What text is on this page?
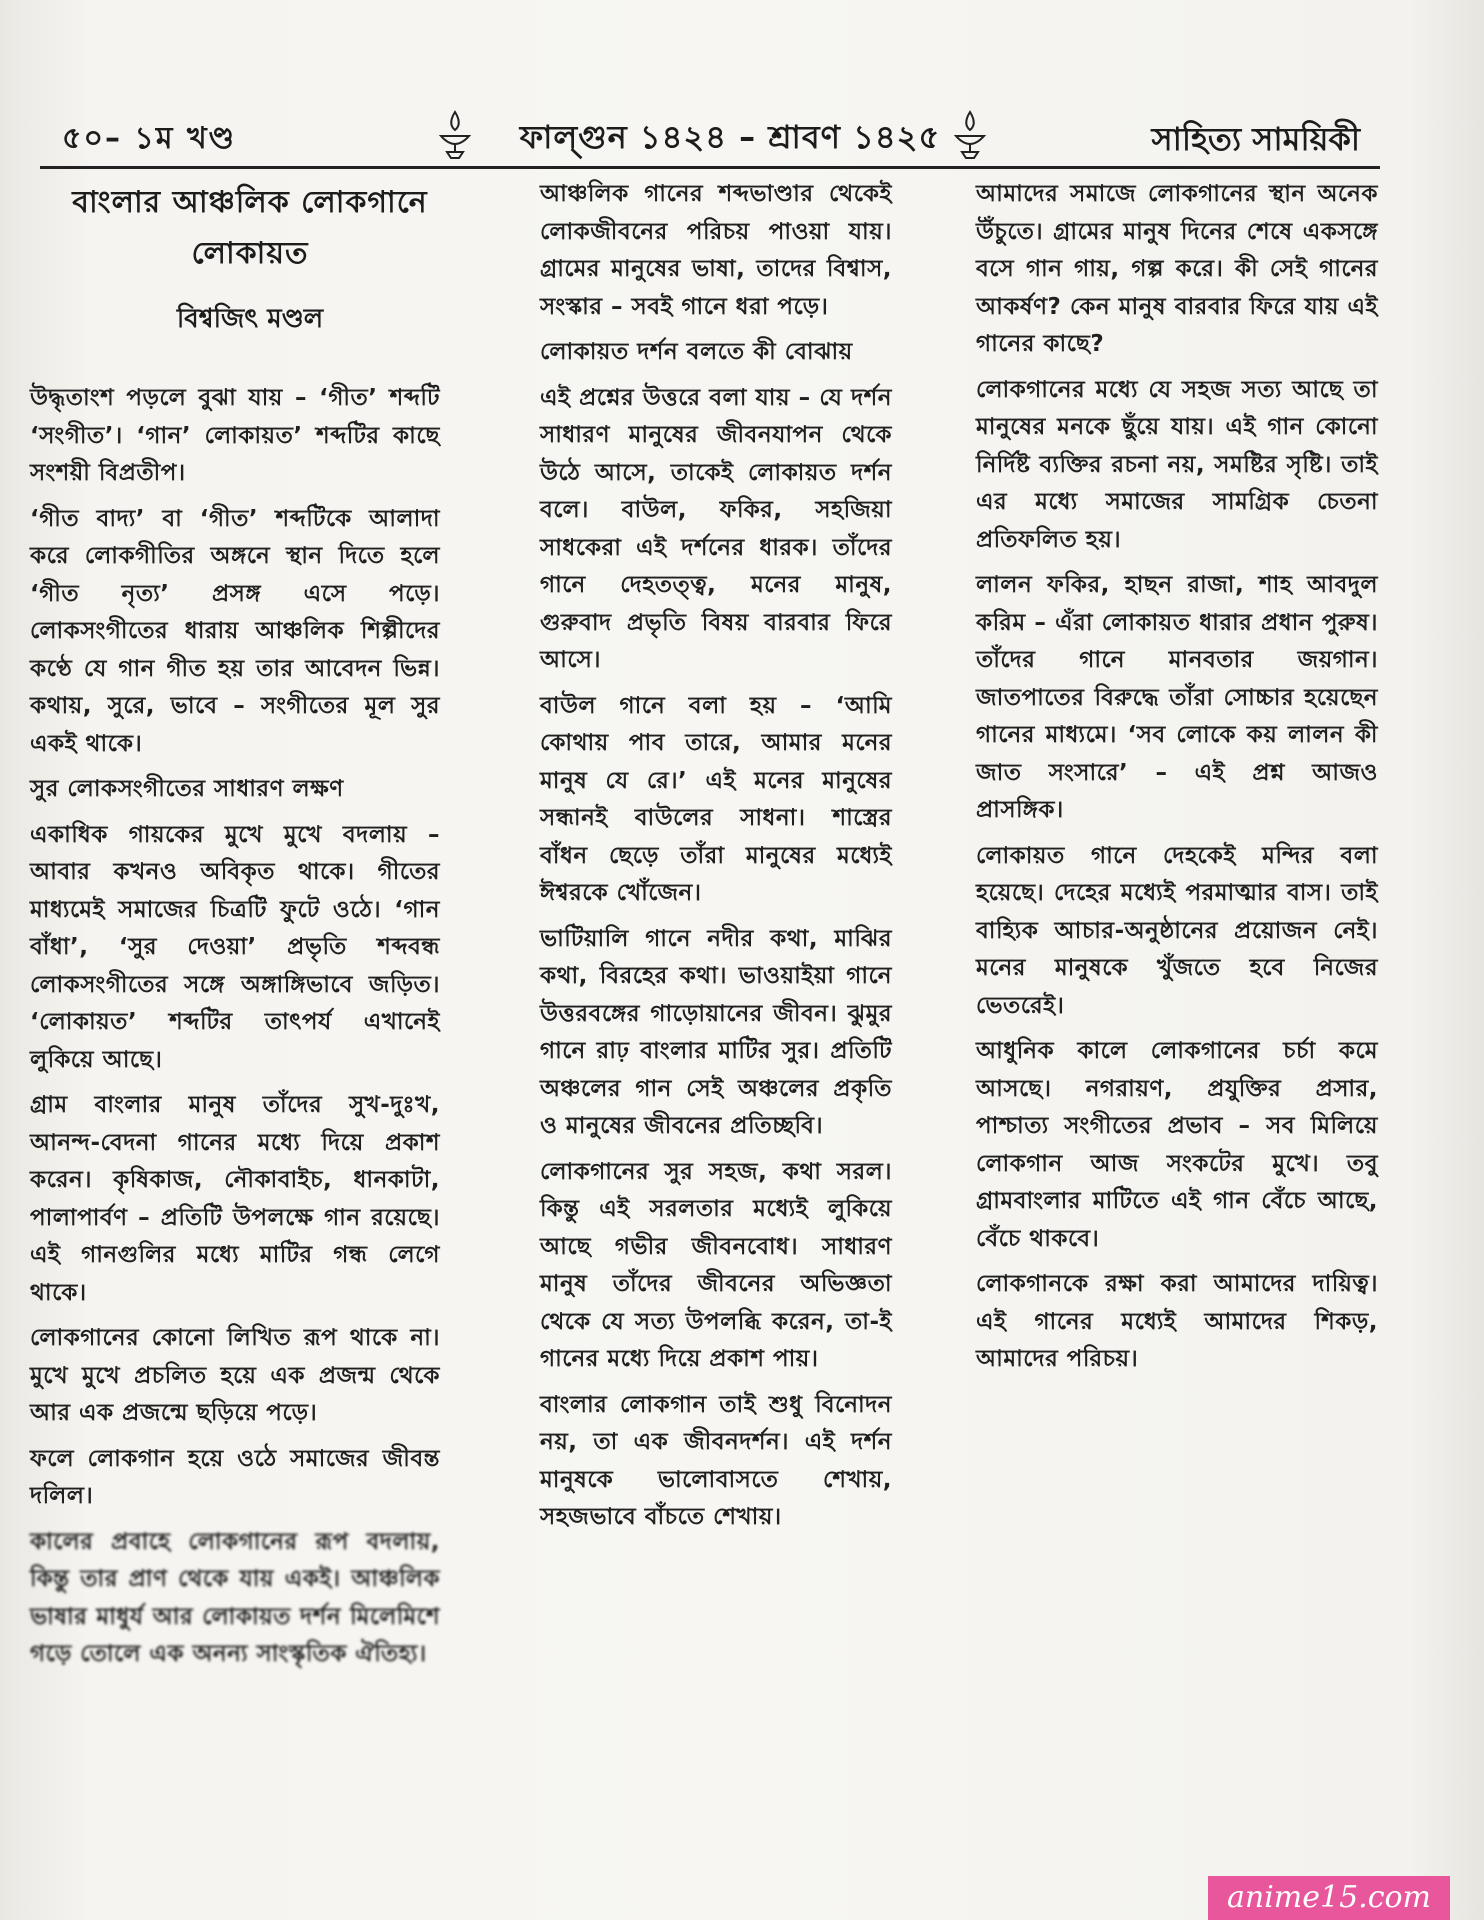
৫০– ১ম খণ্ড	ফাল্গুন ১৪২৪ – শ্রাবণ ১৪২৫	সাহিত্য সাময়িকী
বাংলার আঞ্চলিক লোকগানে লোকায়ত
বিশ্বজিৎ মণ্ডল

উদ্ধৃতাংশ পড়লে বুঝা যায় – ‘গীত’ শব্দটি ‘সংগীত’। ‘গান’ লোকায়ত’ শব্দটির কাছে সংশয়ী বিপ্রতীপ।

‘গীত বাদ্য’ বা ‘গীত’ শব্দটিকে আলাদা করে লোকগীতির অঙ্গনে স্থান দিতে হলে ‘গীত নৃত্য’ প্রসঙ্গ এসে পড়ে। লোকসংগীতের ধারায় আঞ্চলিক শিল্পীদের কণ্ঠে যে গান গীত হয় তার আবেদন ভিন্ন। কথায়, সুরে, ভাবে – সংগীতের মূল সুর একই থাকে।

সুর লোকসংগীতের সাধারণ লক্ষণ

একাধিক গায়কের মুখে মুখে বদলায় – আবার কখনও অবিকৃত থাকে। গীতের মাধ্যমেই সমাজের চিত্রটি ফুটে ওঠে। ‘গান বাঁধা’, ‘সুর দেওয়া’ প্রভৃতি শব্দবন্ধ লোকসংগীতের সঙ্গে অঙ্গাঙ্গিভাবে জড়িত। ‘লোকায়ত’ শব্দটির তাৎপর্য এখানেই লুকিয়ে আছে।

গ্রাম বাংলার মানুষ তাঁদের সুখ-দুঃখ, আনন্দ-বেদনা গানের মধ্যে দিয়ে প্রকাশ করেন। কৃষিকাজ, নৌকাবাইচ, ধানকাটা, পালাপার্বণ – প্রতিটি উপলক্ষে গান রয়েছে। এই গানগুলির মধ্যে মাটির গন্ধ লেগে থাকে।

লোকগানের কোনো লিখিত রূপ থাকে না। মুখে মুখে প্রচলিত হয়ে এক প্রজন্ম থেকে আর এক প্রজন্মে ছড়িয়ে পড়ে।

ফলে লোকগান হয়ে ওঠে সমাজের জীবন্ত দলিল।

কালের প্রবাহে লোকগানের রূপ বদলায়, কিন্তু তার প্রাণ থেকে যায় একই। আঞ্চলিক ভাষার মাধুর্য আর লোকায়ত দর্শন মিলেমিশে গড়ে তোলে এক অনন্য সাংস্কৃতিক ঐতিহ্য।

আঞ্চলিক গানের শব্দভাণ্ডার থেকেই লোকজীবনের পরিচয় পাওয়া যায়। গ্রামের মানুষের ভাষা, তাদের বিশ্বাস, সংস্কার – সবই গানে ধরা পড়ে।

লোকায়ত দর্শন বলতে কী বোঝায়

এই প্রশ্নের উত্তরে বলা যায় – যে দর্শন সাধারণ মানুষের জীবনযাপন থেকে উঠে আসে, তাকেই লোকায়ত দর্শন বলে। বাউল, ফকির, সহজিয়া সাধকেরা এই দর্শনের ধারক। তাঁদের গানে দেহতত্ত্ব, মনের মানুষ, গুরুবাদ প্রভৃতি বিষয় বারবার ফিরে আসে।

বাউল গানে বলা হয় – ‘আমি কোথায় পাব তারে, আমার মনের মানুষ যে রে।’ এই মনের মানুষের সন্ধানই বাউলের সাধনা। শাস্ত্রের বাঁধন ছেড়ে তাঁরা মানুষের মধ্যেই ঈশ্বরকে খোঁজেন।

ভাটিয়ালি গানে নদীর কথা, মাঝির কথা, বিরহের কথা। ভাওয়াইয়া গানে উত্তরবঙ্গের গাড়োয়ানের জীবন। ঝুমুর গানে রাঢ় বাংলার মাটির সুর। প্রতিটি অঞ্চলের গান সেই অঞ্চলের প্রকৃতি ও মানুষের জীবনের প্রতিচ্ছবি।

লোকগানের সুর সহজ, কথা সরল। কিন্তু এই সরলতার মধ্যেই লুকিয়ে আছে গভীর জীবনবোধ। সাধারণ মানুষ তাঁদের জীবনের অভিজ্ঞতা থেকে যে সত্য উপলব্ধি করেন, তা-ই গানের মধ্যে দিয়ে প্রকাশ পায়।

বাংলার লোকগান তাই শুধু বিনোদন নয়, তা এক জীবনদর্শন। এই দর্শন মানুষকে ভালোবাসতে শেখায়, সহজভাবে বাঁচতে শেখায়।

আমাদের সমাজে লোকগানের স্থান অনেক উঁচুতে। গ্রামের মানুষ দিনের শেষে একসঙ্গে বসে গান গায়, গল্প করে। কী সেই গানের আকর্ষণ? কেন মানুষ বারবার ফিরে যায় এই গানের কাছে?

লোকগানের মধ্যে যে সহজ সত্য আছে তা মানুষের মনকে ছুঁয়ে যায়। এই গান কোনো নির্দিষ্ট ব্যক্তির রচনা নয়, সমষ্টির সৃষ্টি। তাই এর মধ্যে সমাজের সামগ্রিক চেতনা প্রতিফলিত হয়।

লালন ফকির, হাছন রাজা, শাহ আবদুল করিম – এঁরা লোকায়ত ধারার প্রধান পুরুষ। তাঁদের গানে মানবতার জয়গান। জাতপাতের বিরুদ্ধে তাঁরা সোচ্চার হয়েছেন গানের মাধ্যমে। ‘সব লোকে কয় লালন কী জাত সংসারে’ – এই প্রশ্ন আজও প্রাসঙ্গিক।

লোকায়ত গানে দেহকেই মন্দির বলা হয়েছে। দেহের মধ্যেই পরমাত্মার বাস। তাই বাহ্যিক আচার-অনুষ্ঠানের প্রয়োজন নেই। মনের মানুষকে খুঁজতে হবে নিজের ভেতরেই।

আধুনিক কালে লোকগানের চর্চা কমে আসছে। নগরায়ণ, প্রযুক্তির প্রসার, পাশ্চাত্য সংগীতের প্রভাব – সব মিলিয়ে লোকগান আজ সংকটের মুখে। তবু গ্রামবাংলার মাটিতে এই গান বেঁচে আছে, বেঁচে থাকবে।

লোকগানকে রক্ষা করা আমাদের দায়িত্ব। এই গানের মধ্যেই আমাদের শিকড়, আমাদের পরিচয়।

anime15.com
